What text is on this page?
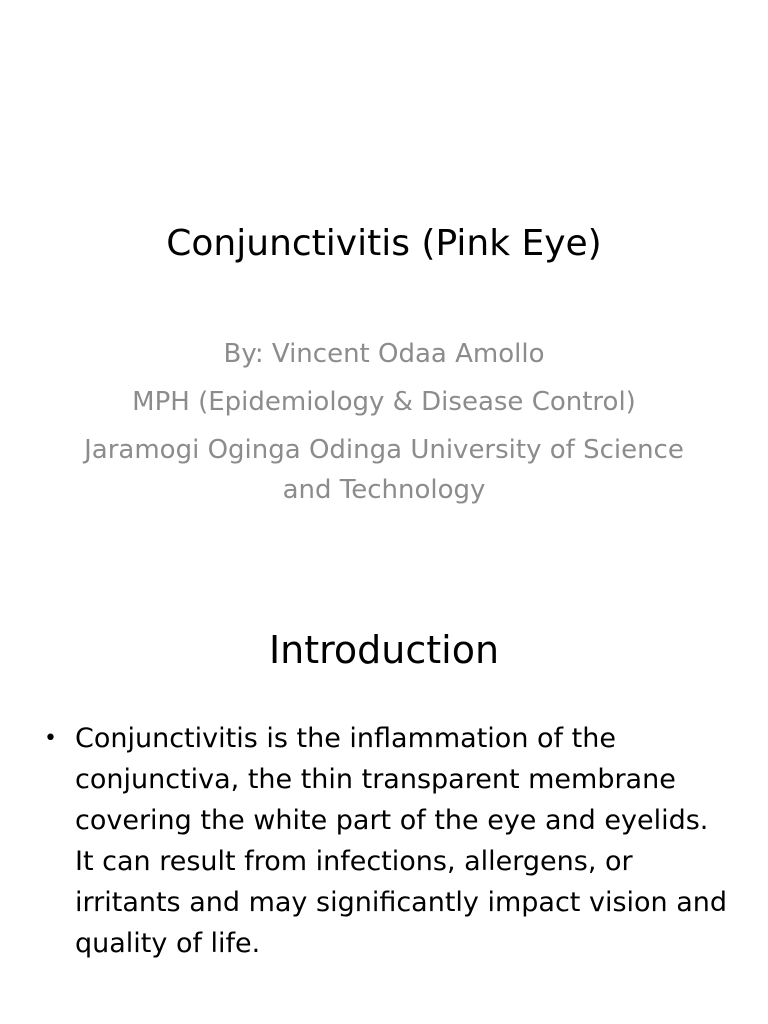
Conjunctivitis (Pink Eye)

By: Vincent Odaa Amollo

MPH (Epidemiology & Disease Control)

Jaramogi Oginga Odinga University of Science and Technology

Introduction
• Conjunctivitis is the inflammation of the conjunctiva, the thin transparent membrane covering the white part of the eye and eyelids. It can result from infections, allergens, or irritants and may significantly impact vision and quality of life.
